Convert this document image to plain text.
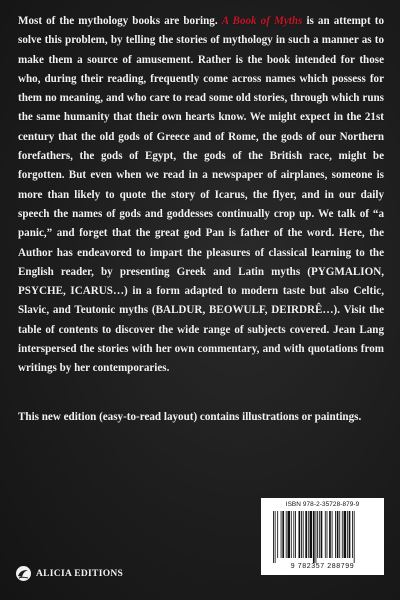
Most of the mythology books are boring. A Book of Myths is an attempt to solve this problem, by telling the stories of mythology in such a manner as to make them a source of amusement. Rather is the book intended for those who, during their reading, frequently come across names which possess for them no meaning, and who care to read some old stories, through which runs the same humanity that their own hearts know. We might expect in the 21st century that the old gods of Greece and of Rome, the gods of our Northern forefathers, the gods of Egypt, the gods of the British race, might be forgotten. But even when we read in a newspaper of airplanes, someone is more than likely to quote the story of Icarus, the flyer, and in our daily speech the names of gods and goddesses continually crop up. We talk of “a panic,” and forget that the great god Pan is father of the word. Here, the Author has endeavored to impart the pleasures of classical learning to the English reader, by presenting Greek and Latin myths (PYGMALION, PSYCHE, ICARUS…) in a form adapted to modern taste but also Celtic, Slavic, and Teutonic myths (BALDUR, BEOWULF, DEIRDRÊ…). Visit the table of contents to discover the wide range of subjects covered. Jean Lang interspersed the stories with her own commentary, and with quotations from writings by her contemporaries.

This new edition (easy-to-read layout) contains illustrations or paintings.

ISBN 978-2-35728-879-9
9 782357 288799
ALICIA EDITIONS
